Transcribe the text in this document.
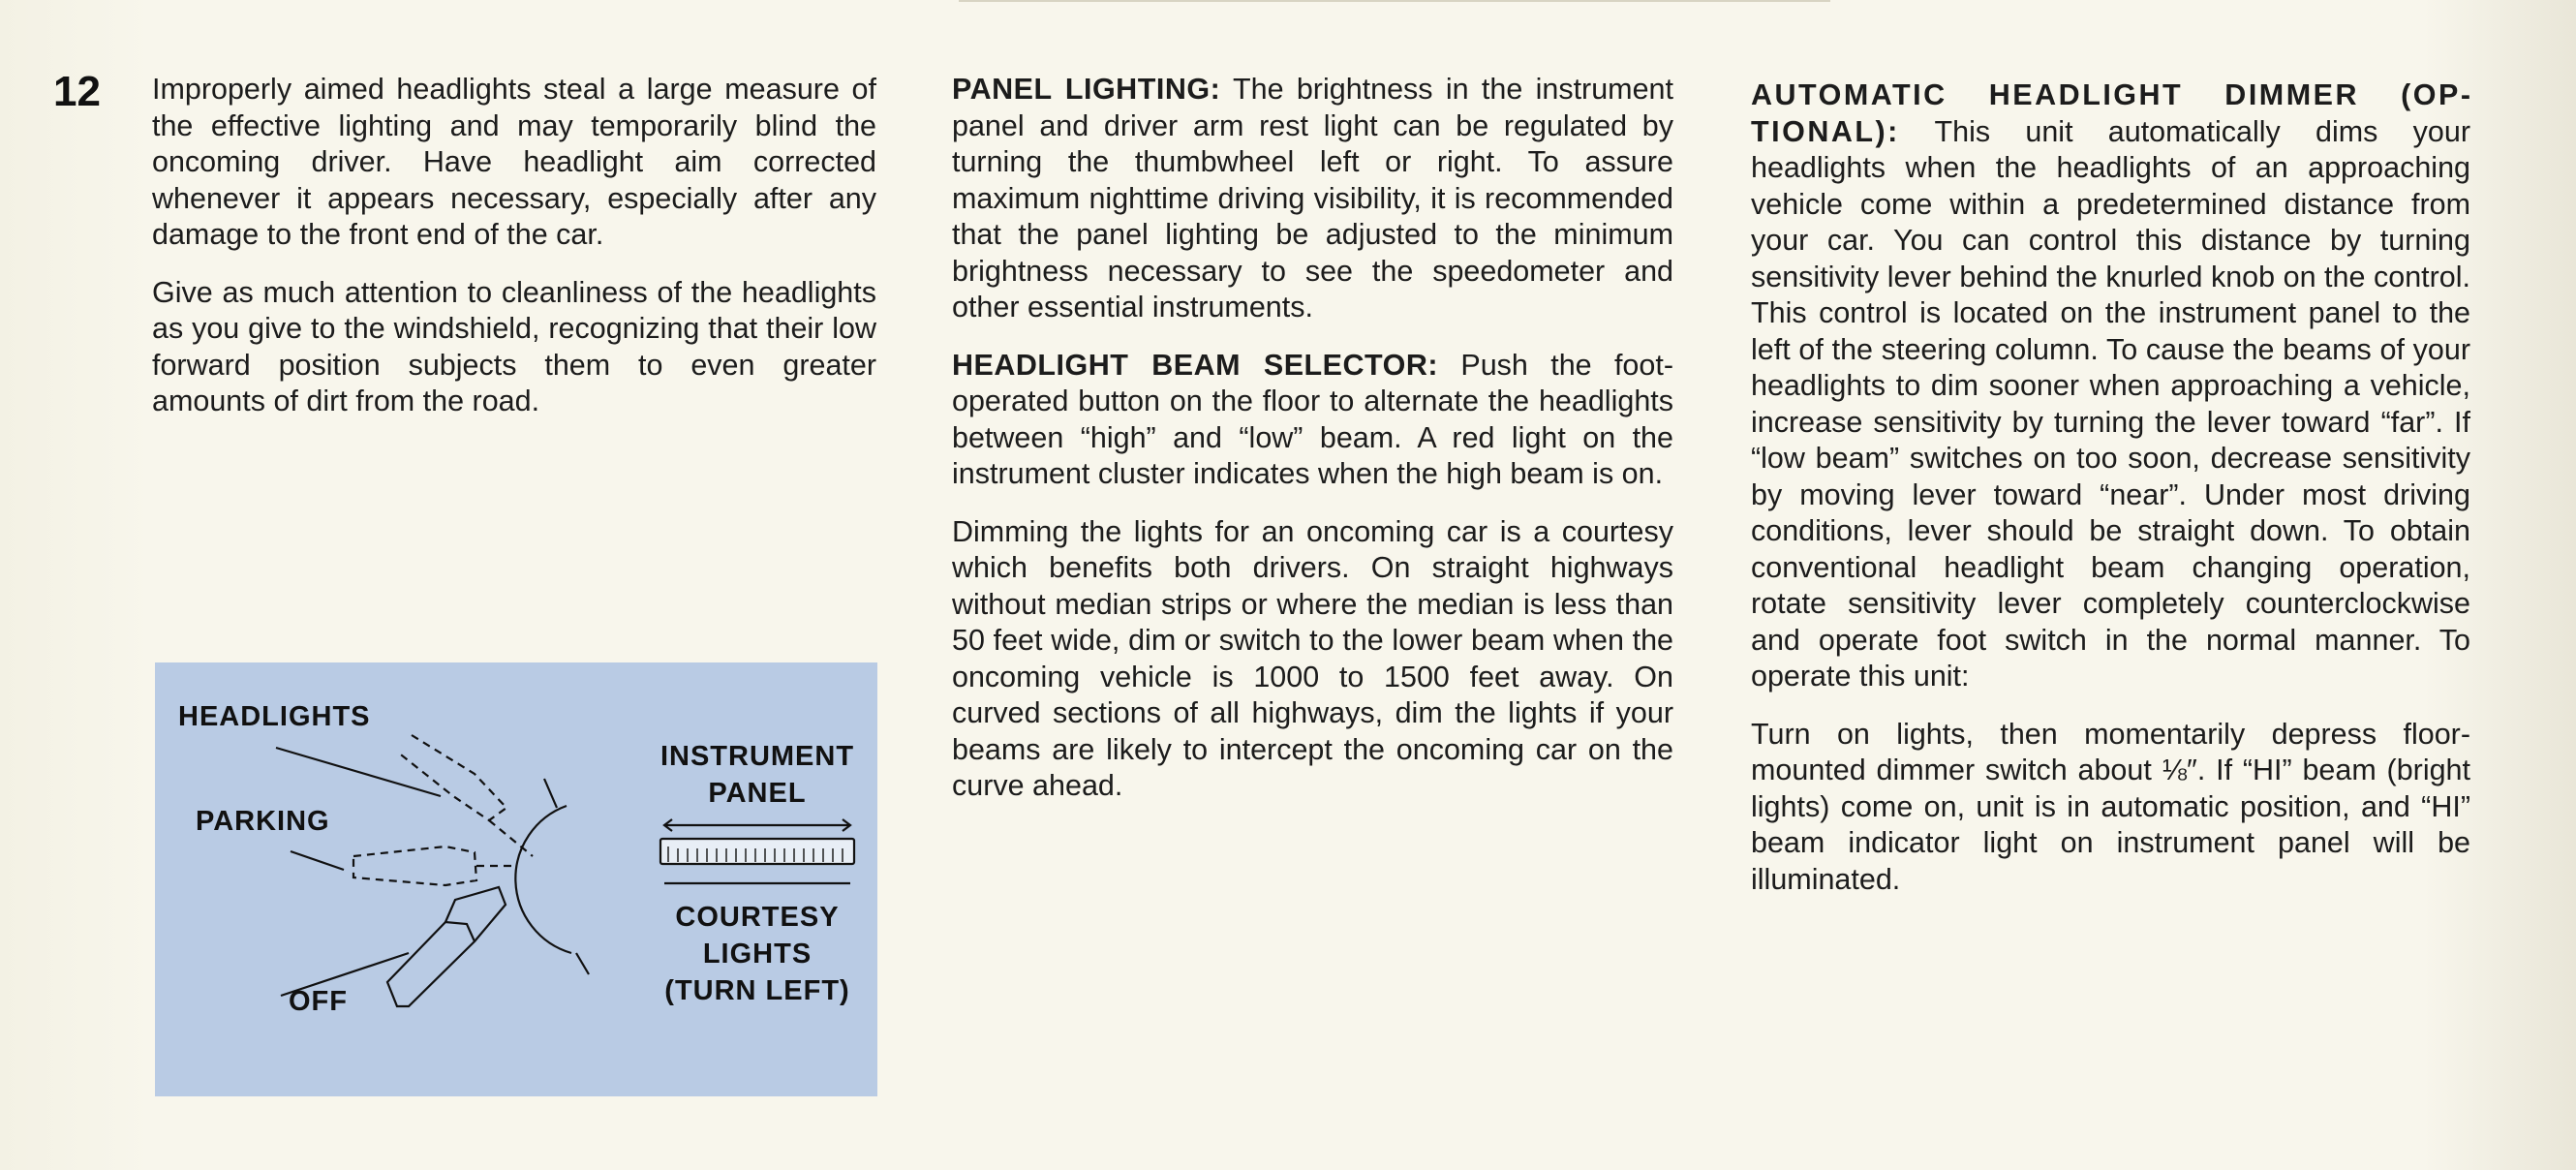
12 Improperly aimed headlights steal a large measure of the effective lighting and may temporarily blind the oncoming driver. Have headlight aim corrected whenever it appears necessary, especially after any damage to the front end of the car.

Give as much attention to cleanliness of the headlights as you give to the windshield, recognizing that their low forward position subjects them to even greater amounts of dirt from the road.

HEADLIGHTS
PARKING
OFF
INSTRUMENT
PANEL
COURTESY
LIGHTS
(TURN LEFT)

PANEL LIGHTING: The brightness in the instrument panel and driver arm rest light can be regulated by turning the thumbwheel left or right. To assure maximum nighttime driving visibility, it is recommended that the panel lighting be adjusted to the minimum brightness necessary to see the speedometer and other essential instruments.

HEADLIGHT BEAM SELECTOR: Push the foot-operated button on the floor to alternate the headlights between “high” and “low” beam. A red light on the instrument cluster indicates when the high beam is on.

Dimming the lights for an oncoming car is a courtesy which benefits both drivers. On straight highways without median strips or where the median is less than 50 feet wide, dim or switch to the lower beam when the oncoming vehicle is 1000 to 1500 feet away. On curved sections of all highways, dim the lights if your beams are likely to intercept the oncoming car on the curve ahead.

AUTOMATIC HEADLIGHT DIMMER (OPTIONAL): This unit automatically dims your headlights when the headlights of an approaching vehicle come within a predetermined distance from your car. You can control this distance by turning sensitivity lever behind the knurled knob on the control. This control is located on the instrument panel to the left of the steering column. To cause the beams of your headlights to dim sooner when approaching a vehicle, increase sensitivity by turning the lever toward “far”. If “low beam” switches on too soon, decrease sensitivity by moving lever toward “near”. Under most driving conditions, lever should be straight down. To obtain conventional headlight beam changing operation, rotate sensitivity lever completely counterclockwise and operate foot switch in the normal manner. To operate this unit:

Turn on lights, then momentarily depress floor-mounted dimmer switch about ⅛″. If “HI” beam (bright lights) come on, unit is in automatic position, and “HI” beam indicator light on instrument panel will be illuminated.
